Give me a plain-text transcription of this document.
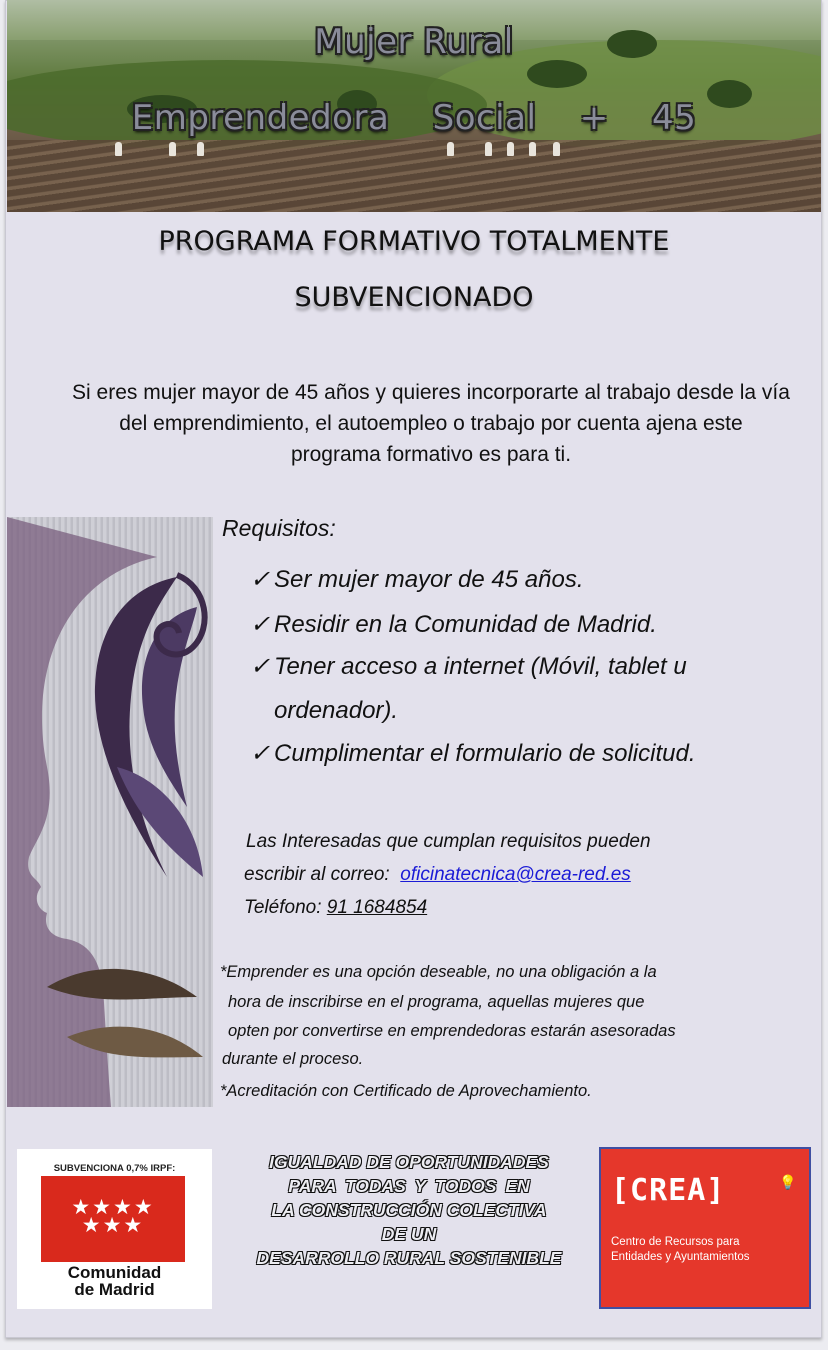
Mujer Rural
Emprendedora Social + 45
PROGRAMA FORMATIVO TOTALMENTE
SUBVENCIONADO
Si eres mujer mayor de 45 años y quieres incorporarte al trabajo desde la vía
del emprendimiento, el autoempleo o trabajo por cuenta ajena este
programa formativo es para ti.
Requisitos:
✓ Ser mujer mayor de 45 años.
✓ Residir en la Comunidad de Madrid.
✓ Tener acceso a internet (Móvil, tablet u
ordenador).
✓ Cumplimentar el formulario de solicitud.
Las Interesadas que cumplan requisitos pueden
escribir al correo: oficinatecnica@crea-red.es
Teléfono: 91 1684854
*Emprender es una opción deseable, no una obligación a la
hora de inscribirse en el programa, aquellas mujeres que
opten por convertirse en emprendedoras estarán asesoradas
durante el proceso.
*Acreditación con Certificado de Aprovechamiento.
SUBVENCIONA 0,7% IRPF:
★★★★
★★★
Comunidad
de Madrid
IGUALDAD DE OPORTUNIDADES
PARA TODAS Y TODOS EN
LA CONSTRUCCIÓN COLECTIVA
DE UN
DESARROLLO RURAL SOSTENIBLE
[CREA]	💡
Centro de Recursos para
Entidades y Ayuntamientos
